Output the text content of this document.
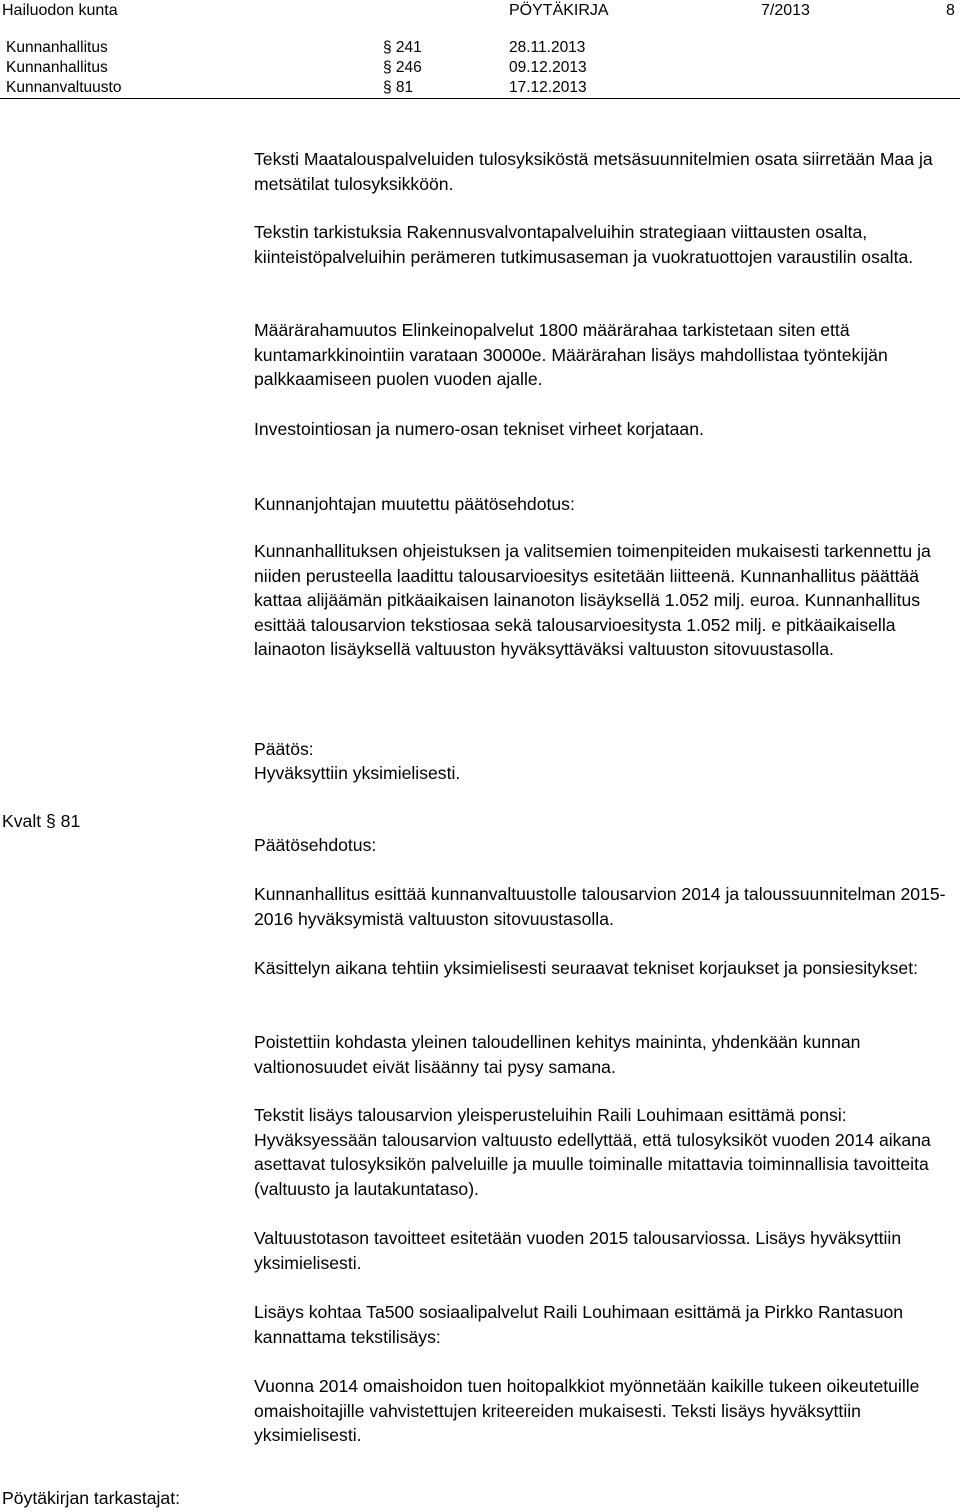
Hailuodon kunta	PÖYTÄKIRJA	7/2013	8
Kunnanhallitus	§ 241	28.11.2013
Kunnanhallitus	§ 246	09.12.2013
Kunnanvaltuusto	§ 81	17.12.2013

Teksti Maatalouspalveluiden tulosyksiköstä metsäsuunnitelmien osata siirretään Maa ja metsätilat tulosyksikköön.

Tekstin tarkistuksia Rakennusvalvontapalveluihin strategiaan viittausten osalta, kiinteistöpalveluihin perämeren tutkimusaseman ja vuokratuottojen varaustilin osalta.

Määrärahamuutos Elinkeinopalvelut 1800 määrärahaa tarkistetaan siten että kuntamarkkinointiin varataan 30000e. Määrärahan lisäys mahdollistaa työntekijän palkkaamiseen puolen vuoden ajalle.

Investointiosan ja numero-osan tekniset virheet korjataan.

Kunnanjohtajan muutettu päätösehdotus:

Kunnanhallituksen ohjeistuksen ja valitsemien toimenpiteiden mukaisesti tarkennettu ja niiden perusteella laadittu talousarvioesitys esitetään liitteenä. Kunnanhallitus päättää kattaa alijäämän pitkäaikaisen lainanoton lisäyksellä 1.052 milj. euroa. Kunnanhallitus esittää talousarvion tekstiosaa sekä talousarvioesitysta 1.052 milj. e pitkäaikaisella lainaoton lisäyksellä valtuuston hyväksyttäväksi valtuuston sitovuustasolla.

Päätös:

Hyväksyttiin yksimielisesti.

Kvalt § 81

Päätösehdotus:

Kunnanhallitus esittää kunnanvaltuustolle talousarvion 2014 ja taloussuunnitelman 2015-2016 hyväksymistä valtuuston sitovuustasolla.

Käsittelyn aikana tehtiin yksimielisesti seuraavat tekniset korjaukset ja ponsiesitykset:

Poistettiin kohdasta yleinen taloudellinen kehitys maininta, yhdenkään kunnan valtionosuudet eivät lisäänny tai pysy samana.

Tekstit lisäys talousarvion yleisperusteluihin Raili Louhimaan esittämä ponsi: Hyväksyessään talousarvion valtuusto edellyttää, että tulosyksiköt vuoden 2014 aikana asettavat tulosyksikön palveluille ja muulle toiminalle mitattavia toiminnallisia tavoitteita (valtuusto ja lautakuntataso).

Valtuustotason tavoitteet esitetään vuoden 2015 talousarviossa. Lisäys hyväksyttiin yksimielisesti.

Lisäys kohtaa Ta500 sosiaalipalvelut Raili Louhimaan esittämä ja Pirkko Rantasuon kannattama tekstilisäys:

Vuonna 2014 omaishoidon tuen hoitopalkkiot myönnetään kaikille tukeen oikeutetuille omaishoitajille vahvistettujen kriteereiden mukaisesti. Teksti lisäys hyväksyttiin yksimielisesti.

Pöytäkirjan tarkastajat:
